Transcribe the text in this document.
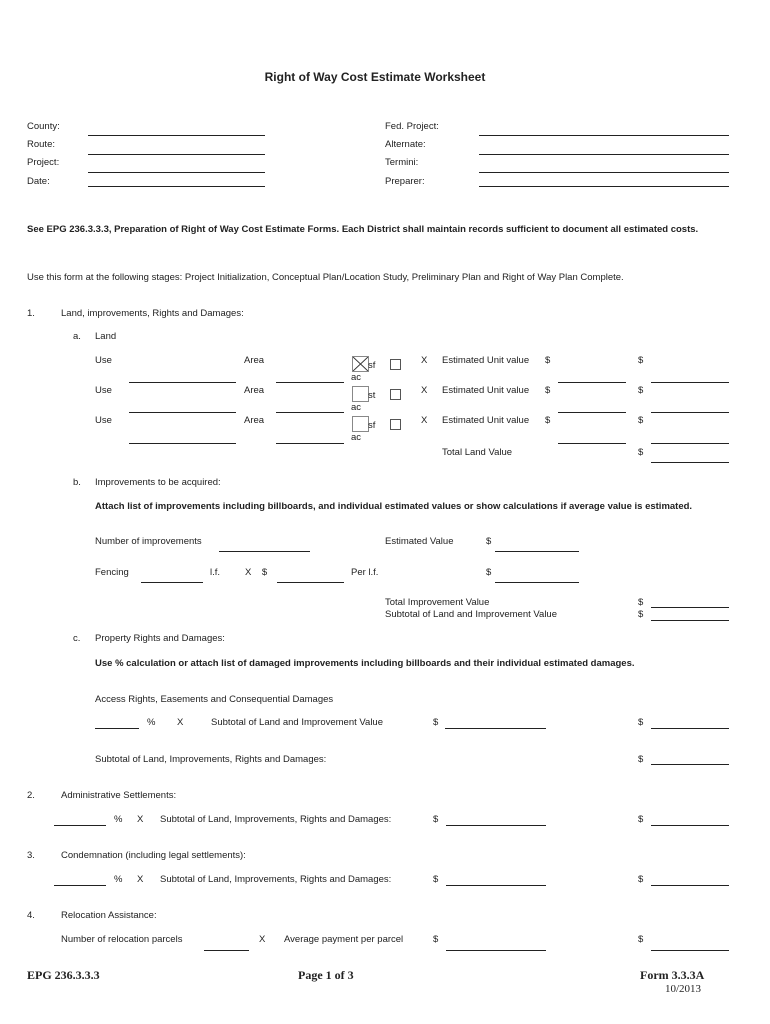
Right of Way Cost Estimate Worksheet
County:
Route:
Project:
Date:
Fed. Project:
Alternate:
Termini:
Preparer:
See EPG 236.3.3.3, Preparation of Right of Way Cost Estimate Forms. Each District shall maintain records sufficient to document all estimated costs.
Use this form at the following stages: Project Initialization, Conceptual Plan/Location Study, Preliminary Plan and Right of Way Plan Complete.
1.	Land, improvements, Rights and Damages:
a. Land
Use	Area	sf
ac
X Estimated Unit value $	$
Use	Area	st
ac
X Estimated Unit value $	$
Use	Area	sf
ac
X Estimated Unit value $	$
Total Land Value	$
b. Improvements to be acquired:
Attach list of improvements including billboards, and individual estimated values or show calculations if average value is estimated.
Number of improvements	Estimated Value	$
Fencing	l.f.	X    $	Per l.f.	$
Total Improvement Value	$
Subtotal of Land and Improvement Value	$
c. Property Rights and Damages:
Use % calculation or attach list of damaged improvements including billboards and their individual estimated damages.
Access Rights, Easements and Consequential Damages
% X	Subtotal of Land and Improvement Value	$	$
Subtotal of Land, Improvements, Rights and Damages:	$
2.	Administrative Settlements:
% X Subtotal of Land, Improvements, Rights and Damages:	$	$
3.	Condemnation (including legal settlements):
% X Subtotal of Land, Improvements, Rights and Damages:	$	$
4.	Relocation Assistance:
Number of relocation parcels	X Average payment per parcel	$	$
EPG 236.3.3.3	Page 1 of 3	Form 3.3.3A
10/2013
